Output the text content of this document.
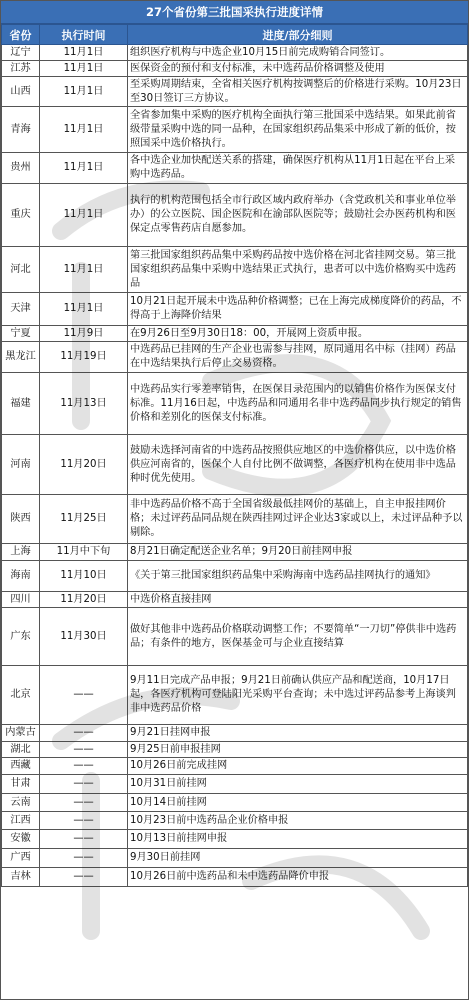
27个省份第三批国采执行进度详情
省份	执行时间	进度/部分细则
辽宁	11月1日	组织医疗机构与中选企业10月15日前完成购销合同签订。
江苏	11月1日	医保资金的预付和支付标准，未中选药品价格调整及使用
山西	11月1日	至采购周期结束，全省相关医疗机构按调整后的价格进行采购。10月23日至30日签订三方协议。
青海	11月1日	全省参加集中采购的医疗机构全面执行第三批国采中选结果。如果此前省级带量采购中选的同一品种，在国家组织药品集采中形成了新的低价，按照国采中选价格执行。
贵州	11月1日	各中选企业加快配送关系的搭建，确保医疗机构从11月1日起在平台上采购中选药品。
重庆	11月1日	执行的机构范围包括全市行政区域内政府举办（含党政机关和事业单位举办）的公立医院、国企医院和在渝部队医院等；鼓励社会办医药机构和医保定点零售药店自愿参加。
河北	11月1日	第三批国家组织药品集中采购药品按中选价格在河北省挂网交易。第三批国家组织药品集中采购中选结果正式执行，患者可以中选价格购买中选药品
天津	11月1日	10月21日起开展未中选品种价格调整；已在上海完成梯度降价的药品，不得高于上海降价结果
宁夏	11月9日	在9月26日至9月30日18：00，开展网上资质申报。
黑龙江	11月19日	中选药品已挂网的生产企业也需参与挂网，原同通用名中标（挂网）药品在中选结果执行后停止交易资格。
福建	11月13日	中选药品实行零差率销售，在医保目录范围内的以销售价格作为医保支付标准。11月16日起，中选药品和同通用名非中选药品同步执行规定的销售价格和差别化的医保支付标准。
河南	11月20日	鼓励未选择河南省的中选药品按照供应地区的中选价格供应，以中选价格供应河南省的，医保个人自付比例不做调整，各医疗机构在使用非中选品种时优先使用。
陕西	11月25日	非中选药品价格不高于全国省级最低挂网价的基础上，自主申报挂网价格；未过评药品同品规在陕西挂网过评企业达3家或以上，未过评品种予以剔除。
上海	11月中下旬	8月21日确定配送企业名单；9月20日前挂网申报
海南	11月10日	《关于第三批国家组织药品集中采购海南中选药品挂网执行的通知》
四川	11月20日	中选价格直接挂网
广东	11月30日	做好其他非中选药品价格联动调整工作；不要简单“一刀切”停供非中选药品；有条件的地方，医保基金可与企业直接结算
北京	——	9月11日完成产品申报；9月21日前确认供应产品和配送商，10月17日起，各医疗机构可登陆阳光采购平台查询；未中选过评药品参考上海谈判非中选药品价格
内蒙古	——	9月21日挂网申报
湖北	——	9月25日前申报挂网
西藏	——	10月26日前完成挂网
甘肃	——	10月31日前挂网
云南	——	10月14日前挂网
江西	——	10月23日前中选药品企业价格申报
安徽	——	10月13日前挂网申报
广西	——	9月30日前挂网
吉林	——	10月26日前中选药品和未中选药品降价申报
